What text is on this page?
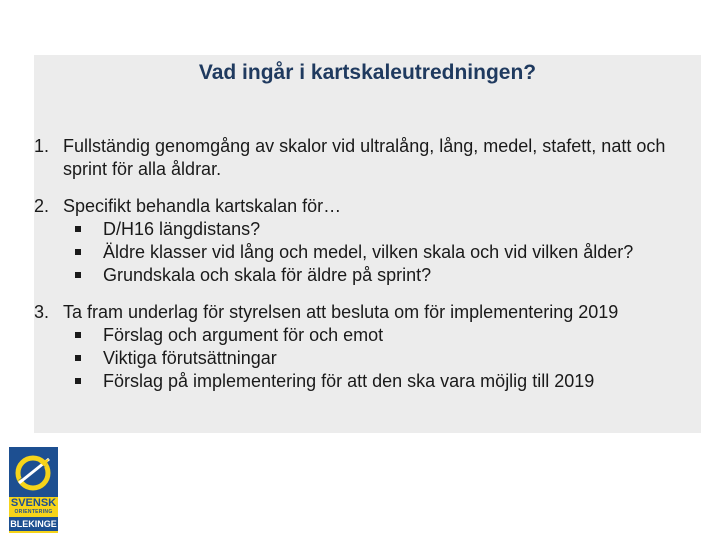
Vad ingår i kartskaleutredningen?
1. Fullständig genomgång av skalor vid ultralång, lång, medel, stafett, natt och sprint för alla åldrar.
2. Specifikt behandla kartskalan för…
D/H16 längdistans?
Äldre klasser vid lång och medel, vilken skala och vid vilken ålder?
Grundskala och skala för äldre på sprint?
3. Ta fram underlag för styrelsen att besluta om för implementering 2019
Förslag och argument för och emot
Viktiga förutsättningar
Förslag på implementering för att den ska vara möjlig till 2019
SVENSK
ORIENTERING
BLEKINGE
